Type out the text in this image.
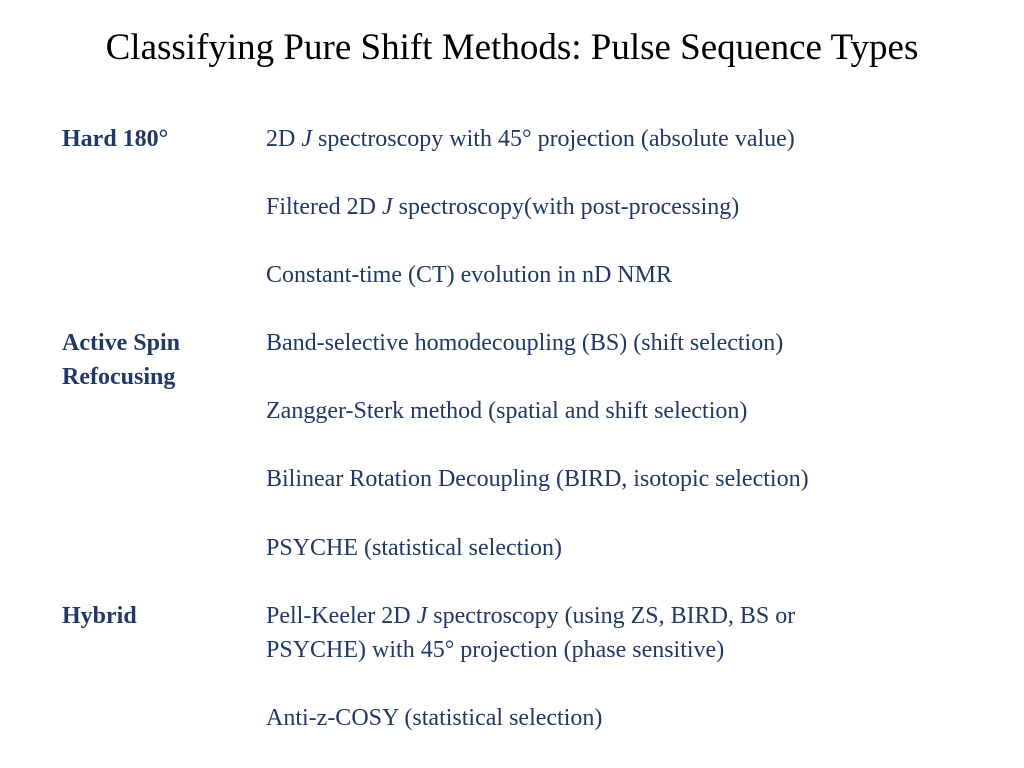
Classifying Pure Shift Methods: Pulse Sequence Types
Hard 180°
Active Spin
Refocusing
Hybrid
2D J spectroscopy with 45° projection (absolute value)
Filtered 2D J spectroscopy(with post-processing)
Constant-time (CT) evolution in nD NMR
Band-selective homodecoupling (BS) (shift selection)
Zangger-Sterk method (spatial and shift selection)
Bilinear Rotation Decoupling (BIRD, isotopic selection)
PSYCHE (statistical selection)
Pell-Keeler 2D J spectroscopy (using ZS, BIRD, BS or
PSYCHE) with 45° projection (phase sensitive)
Anti-z-COSY (statistical selection)
